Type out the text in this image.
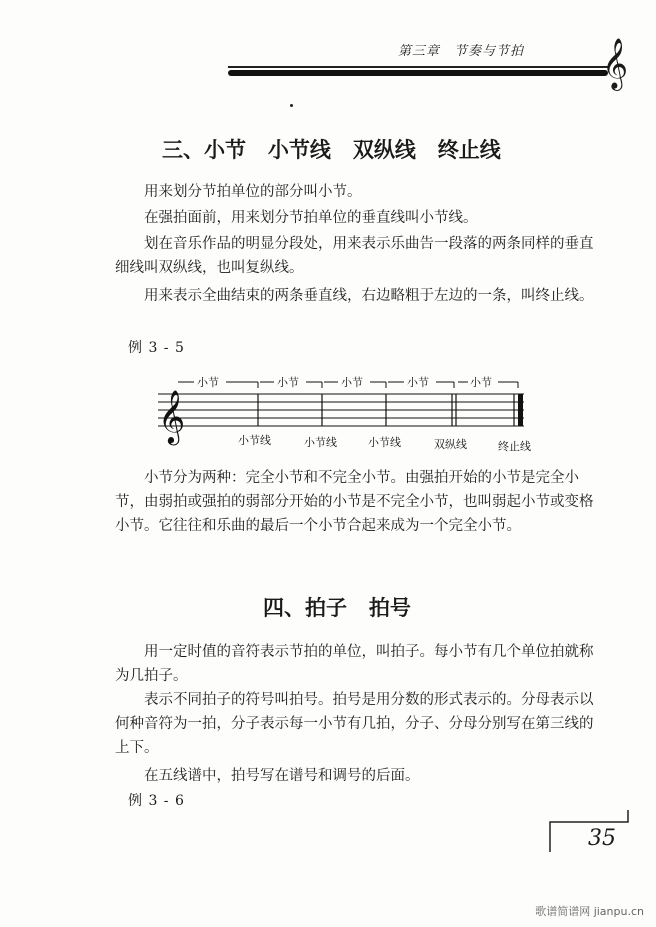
第三章 节奏与节拍	𝄞
三、小节   小节线   双纵线   终止线
用来划分节拍单位的部分叫小节。
在强拍面前，用来划分节拍单位的垂直线叫小节线。
划在音乐作品的明显分段处，用来表示乐曲告一段落的两条同样的垂直细线叫双纵线，也叫复纵线。
用来表示全曲结束的两条垂直线，右边略粗于左边的一条，叫终止线。
例 3 - 5
𝄞
小节	小节	小节	小节	小节
小节线	小节线	小节线	双纵线	终止线
小节分为两种：完全小节和不完全小节。由强拍开始的小节是完全小节，由弱拍或强拍的弱部分开始的小节是不完全小节，也叫弱起小节或变格小节。它往往和乐曲的最后一个小节合起来成为一个完全小节。
四、拍子   拍号
用一定时值的音符表示节拍的单位，叫拍子。每小节有几个单位拍就称为几拍子。
表示不同拍子的符号叫拍号。拍号是用分数的形式表示的。分母表示以何种音符为一拍，分子表示每一小节有几拍，分子、分母分别写在第三线的上下。
在五线谱中，拍号写在谱号和调号的后面。
例 3 - 6
35
歌谱简谱网 jianpu.cn
